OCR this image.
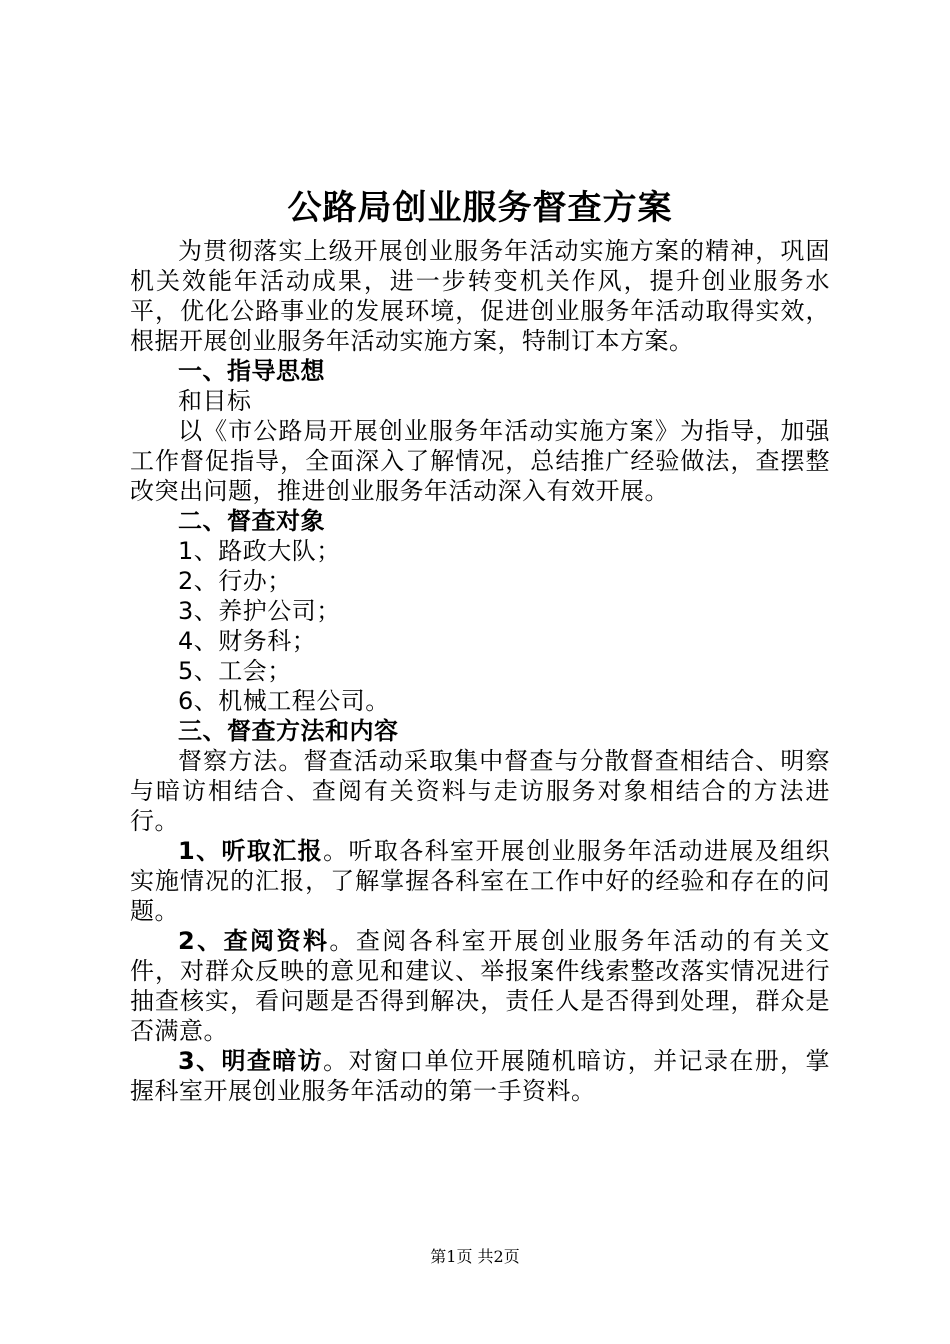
公路局创业服务督查方案

为贯彻落实上级开展创业服务年活动实施方案的精神，巩固机关效能年活动成果，进一步转变机关作风，提升创业服务水平，优化公路事业的发展环境，促进创业服务年活动取得实效，根据开展创业服务年活动实施方案，特制订本方案。

一、指导思想

和目标

以《市公路局开展创业服务年活动实施方案》为指导，加强工作督促指导，全面深入了解情况，总结推广经验做法，查摆整改突出问题，推进创业服务年活动深入有效开展。

二、督查对象

1、路政大队；

2、行办；

3、养护公司；

4、财务科；

5、工会；

6、机械工程公司。

三、督查方法和内容

督察方法。督查活动采取集中督查与分散督查相结合、明察与暗访相结合、查阅有关资料与走访服务对象相结合的方法进行。

1、听取汇报。听取各科室开展创业服务年活动进展及组织实施情况的汇报，了解掌握各科室在工作中好的经验和存在的问题。

2、查阅资料。查阅各科室开展创业服务年活动的有关文件，对群众反映的意见和建议、举报案件线索整改落实情况进行抽查核实，看问题是否得到解决，责任人是否得到处理，群众是否满意。

3、明查暗访。对窗口单位开展随机暗访，并记录在册，掌握科室开展创业服务年活动的第一手资料。

第1页 共2页
